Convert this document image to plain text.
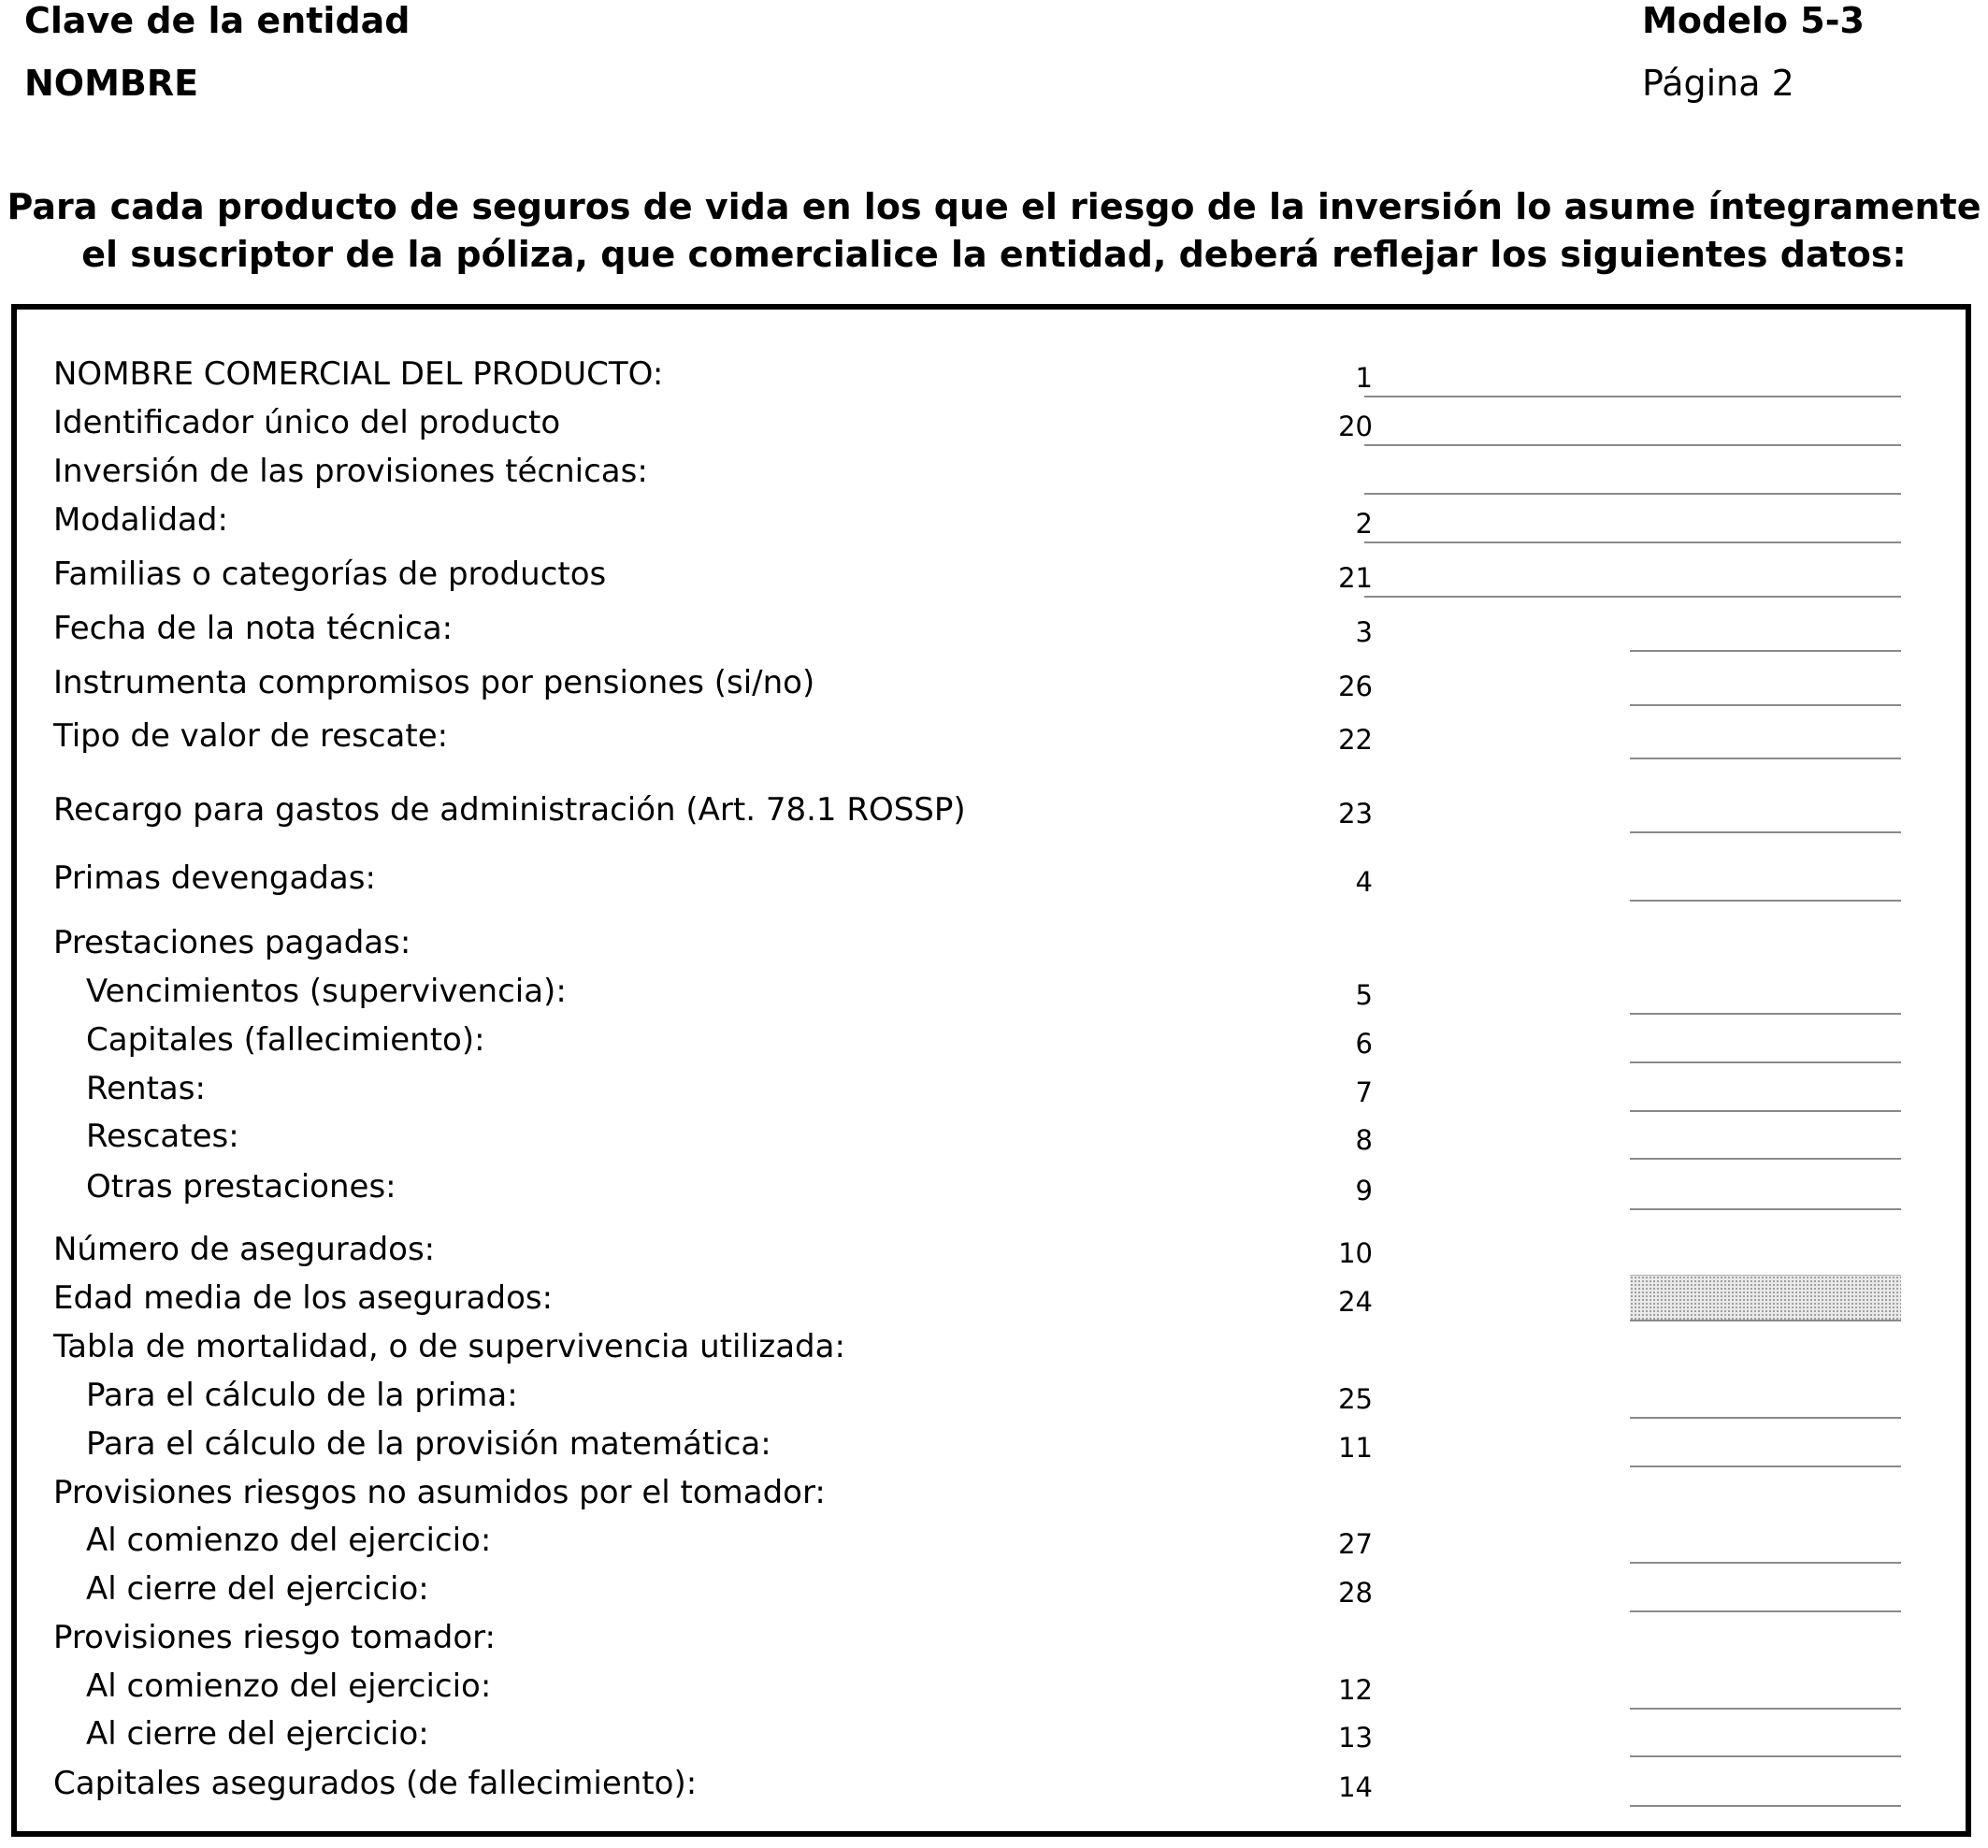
Clave de la entidad
NOMBRE
Modelo 5-3
Página 2
Para cada producto de seguros de vida en los que el riesgo de la inversión lo asume íntegramente
el suscriptor de la póliza, que comercialice la entidad, deberá reflejar los siguientes datos:
NOMBRE COMERCIAL DEL PRODUCTO:	1
Identificador único del producto	20
Inversión de las provisiones técnicas:
Modalidad:	2
Familias o categorías de productos	21
Fecha de la nota técnica:	3
Instrumenta compromisos por pensiones (si/no)	26
Tipo de valor de rescate:	22
Recargo para gastos de administración (Art. 78.1 ROSSP)	23
Primas devengadas:	4
Prestaciones pagadas:
Vencimientos (supervivencia):	5
Capitales (fallecimiento):	6
Rentas:	7
Rescates:	8
Otras prestaciones:	9
Número de asegurados:	10
Edad media de los asegurados:	24
Tabla de mortalidad, o de supervivencia utilizada:
Para el cálculo de la prima:	25
Para el cálculo de la provisión matemática:	11
Provisiones riesgos no asumidos por el tomador:
Al comienzo del ejercicio:	27
Al cierre del ejercicio:	28
Provisiones riesgo tomador:
Al comienzo del ejercicio:	12
Al cierre del ejercicio:	13
Capitales asegurados (de fallecimiento):	14
